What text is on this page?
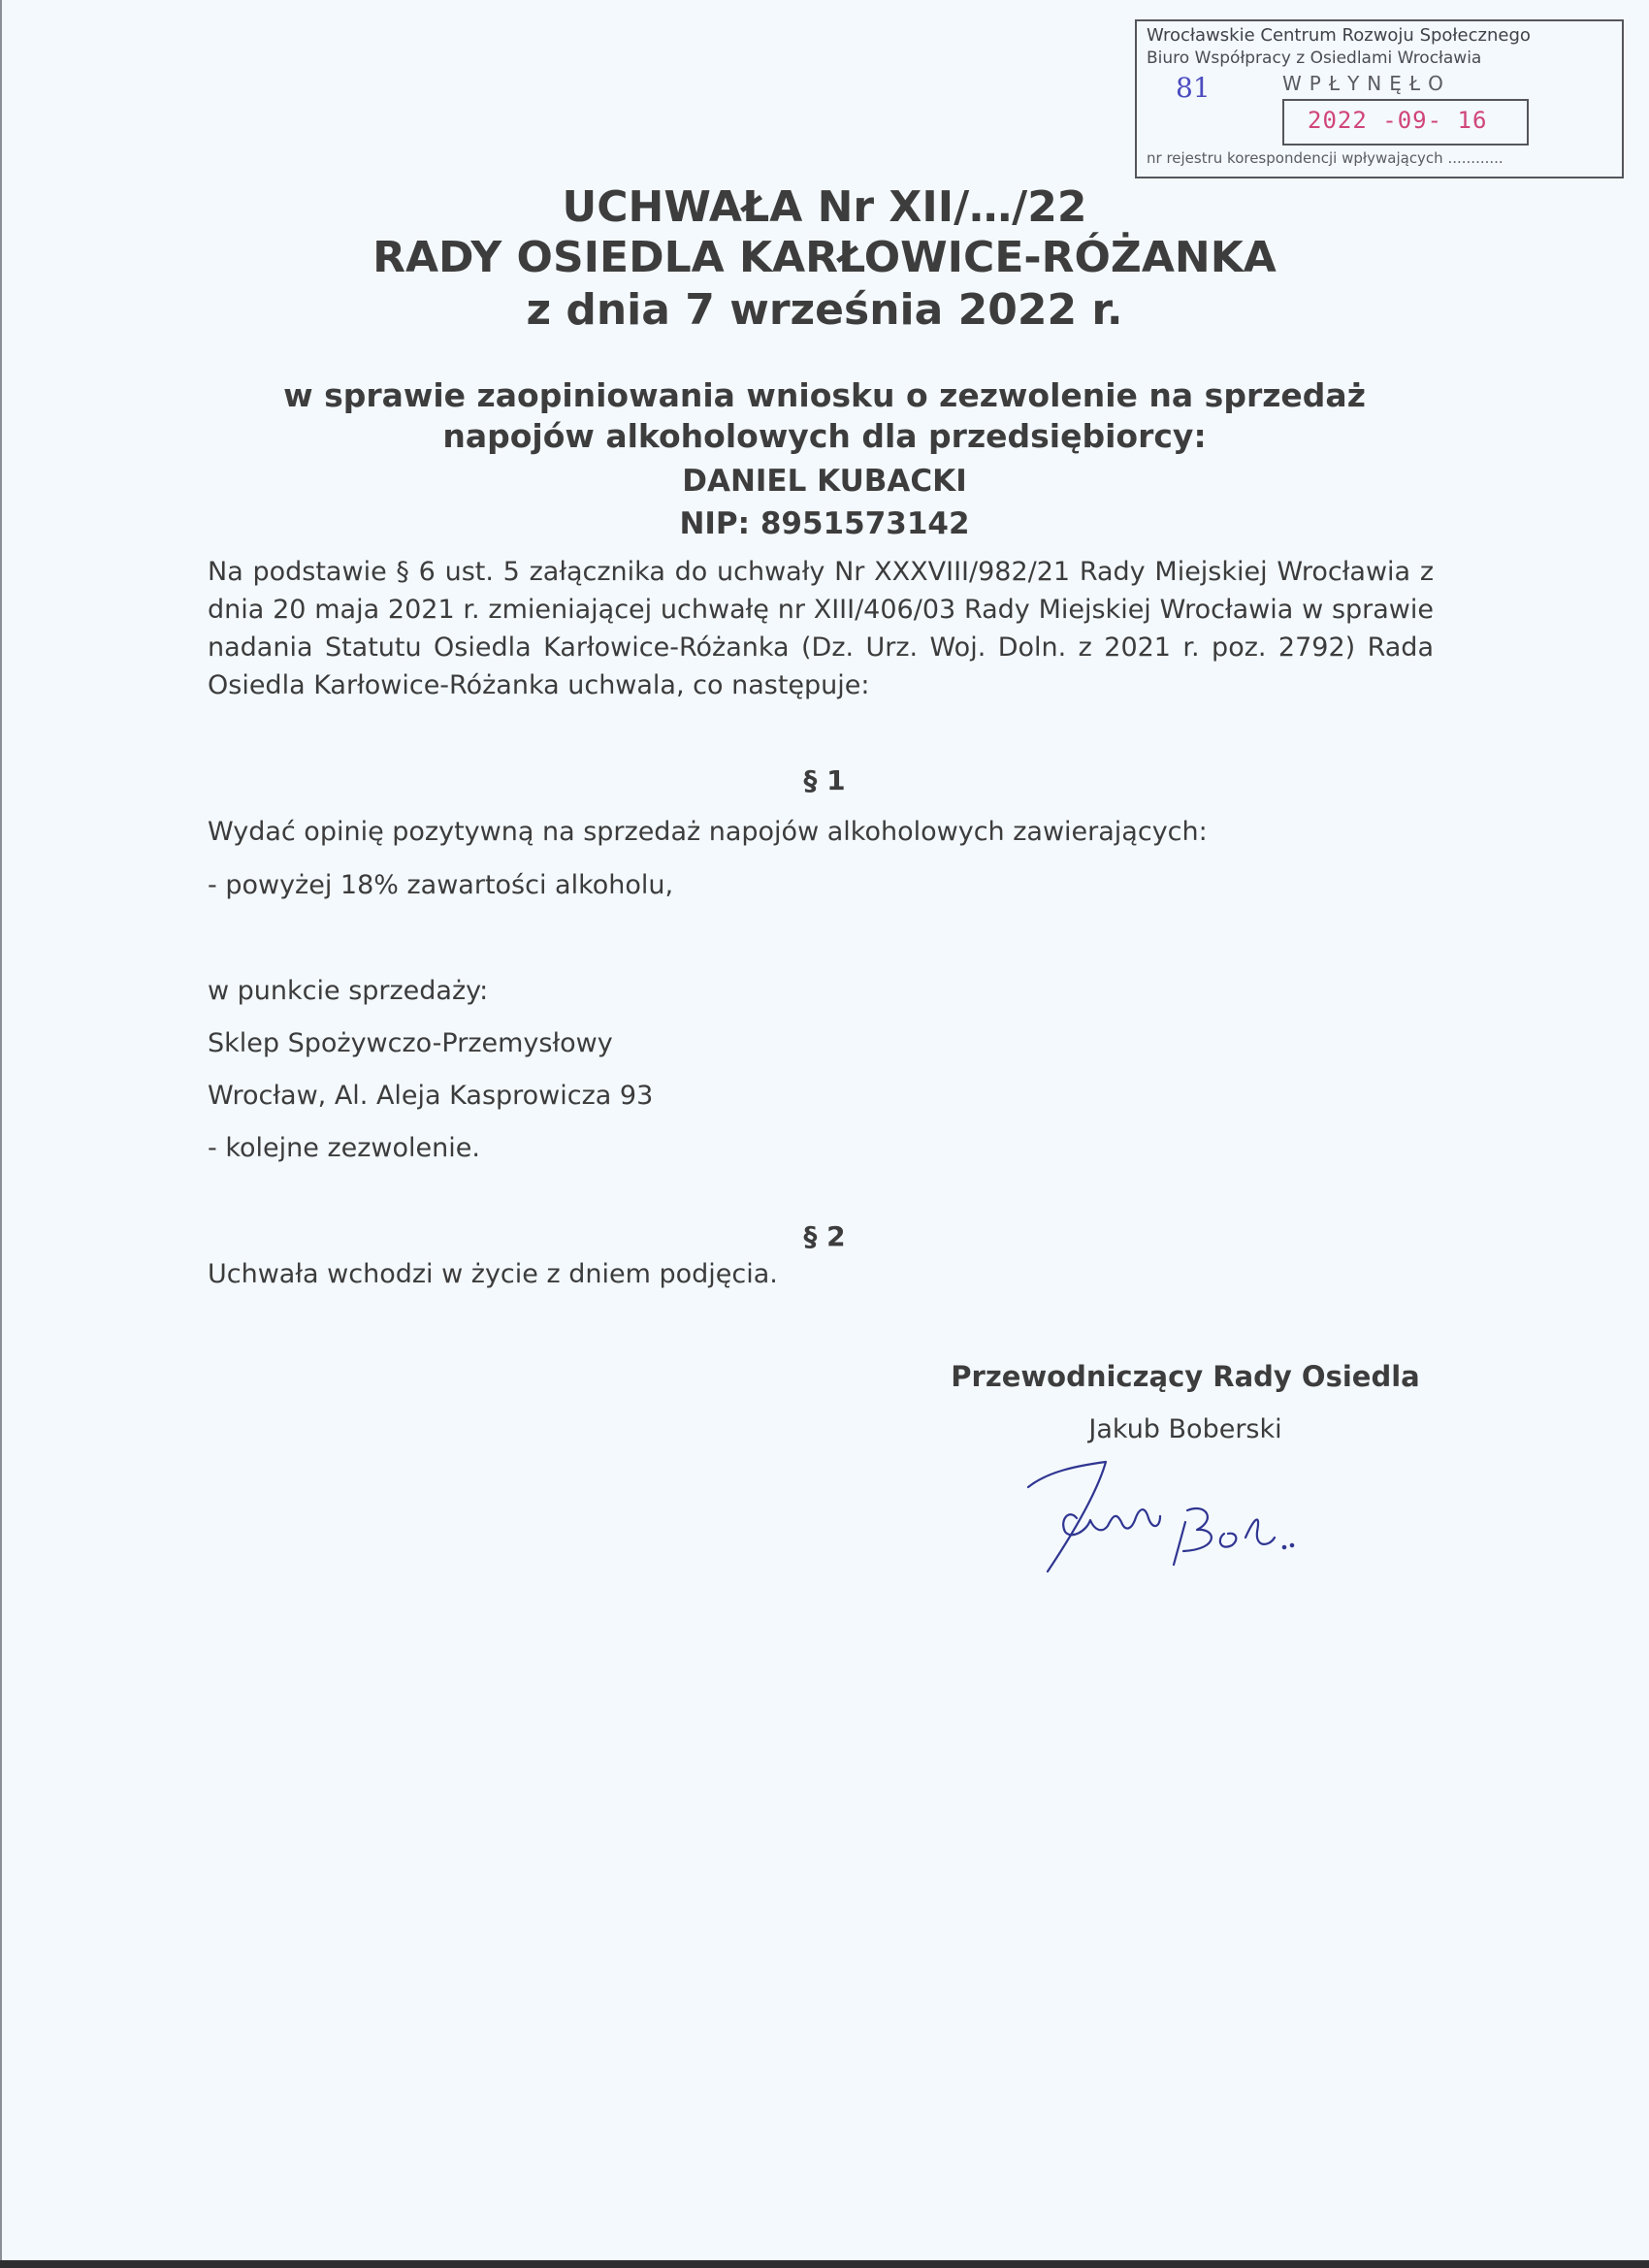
Wrocławskie Centrum Rozwoju Społecznego
Biuro Współpracy z Osiedlami Wrocławia
81	WPŁYNĘŁO
2022 -09- 16
nr rejestru korespondencji wpływających ............
UCHWAŁA Nr XII/…/22
RADY OSIEDLA KARŁOWICE-RÓŻANKA
z dnia 7 września 2022 r.
w sprawie zaopiniowania wniosku o zezwolenie na sprzedaż
napojów alkoholowych dla przedsiębiorcy:
DANIEL KUBACKI
NIP: 8951573142
Na podstawie § 6 ust. 5 załącznika do uchwały Nr XXXVIII/982/21 Rady Miejskiej Wrocławia z dnia 20 maja 2021 r. zmieniającej uchwałę nr XIII/406/03 Rady Miejskiej Wrocławia w sprawie nadania Statutu Osiedla Karłowice-Różanka (Dz. Urz. Woj. Doln. z 2021 r. poz. 2792) Rada Osiedla Karłowice-Różanka uchwala, co następuje:
§ 1
Wydać opinię pozytywną na sprzedaż napojów alkoholowych zawierających:
- powyżej 18% zawartości alkoholu,
w punkcie sprzedaży:
Sklep Spożywczo-Przemysłowy
Wrocław, Al. Aleja Kasprowicza 93
- kolejne zezwolenie.
§ 2
Uchwała wchodzi w życie z dniem podjęcia.
Przewodniczący Rady Osiedla
Jakub Boberski
